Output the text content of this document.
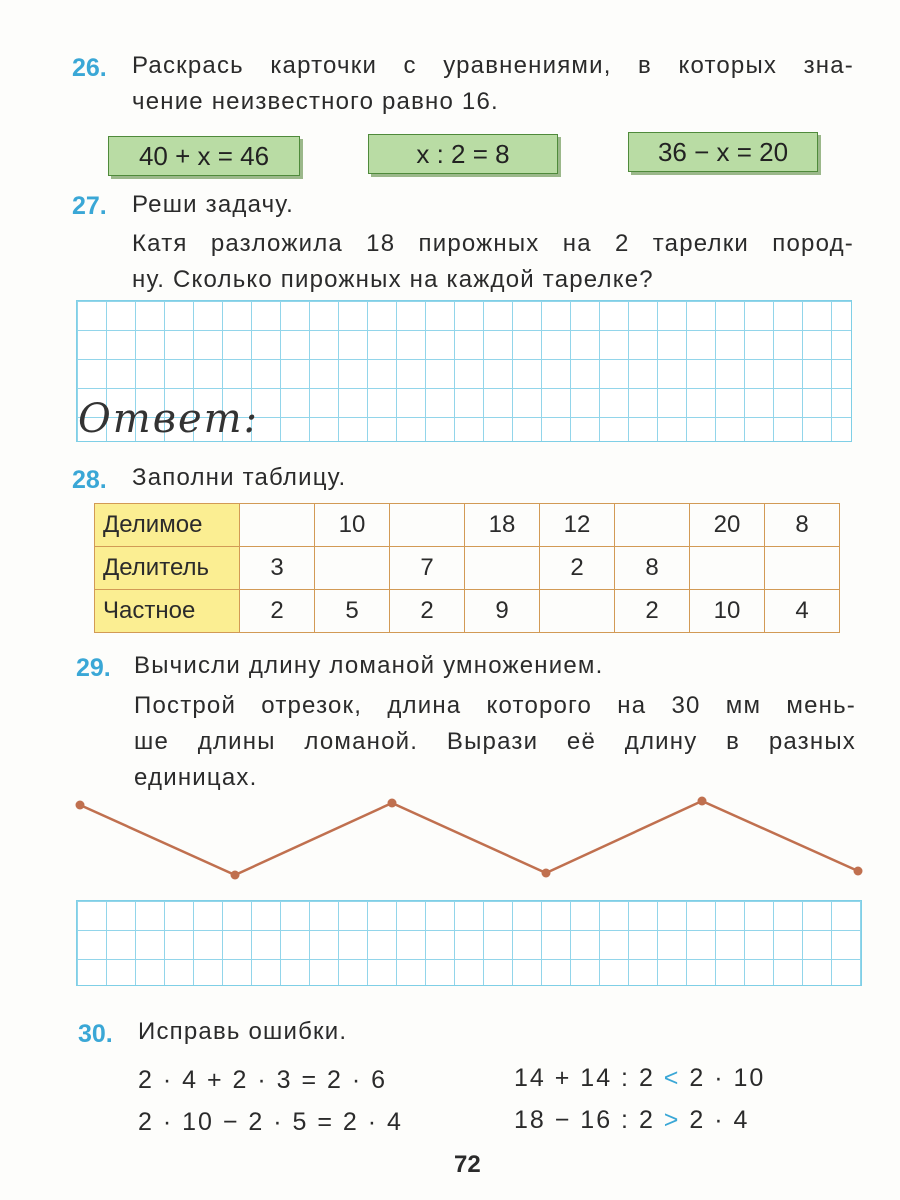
26. Раскрась карточки с уравнениями, в которых зна-
чение неизвестного равно 16.
40 + x = 46	x : 2 = 8	36 − x = 20
27. Реши задачу.
Катя разложила 18 пирожных на 2 тарелки пород-
ну. Сколько пирожных на каждой тарелке?
Ответ:
28. Заполни таблицу.
Делимое		10		18	12		20	8
Делитель	3		7		2	8		
Частное	2	5	2	9		2	10	4
29. Вычисли длину ломаной умножением.
Построй отрезок, длина которого на 30 мм мень-
ше длины ломаной. Вырази её длину в разных
единицах.
30. Исправь ошибки.
2 · 4 + 2 · 3 = 2 · 6
2 · 10 − 2 · 5 = 2 · 4
14 + 14 : 2 < 2 · 10
18 − 16 : 2 > 2 · 4
72
